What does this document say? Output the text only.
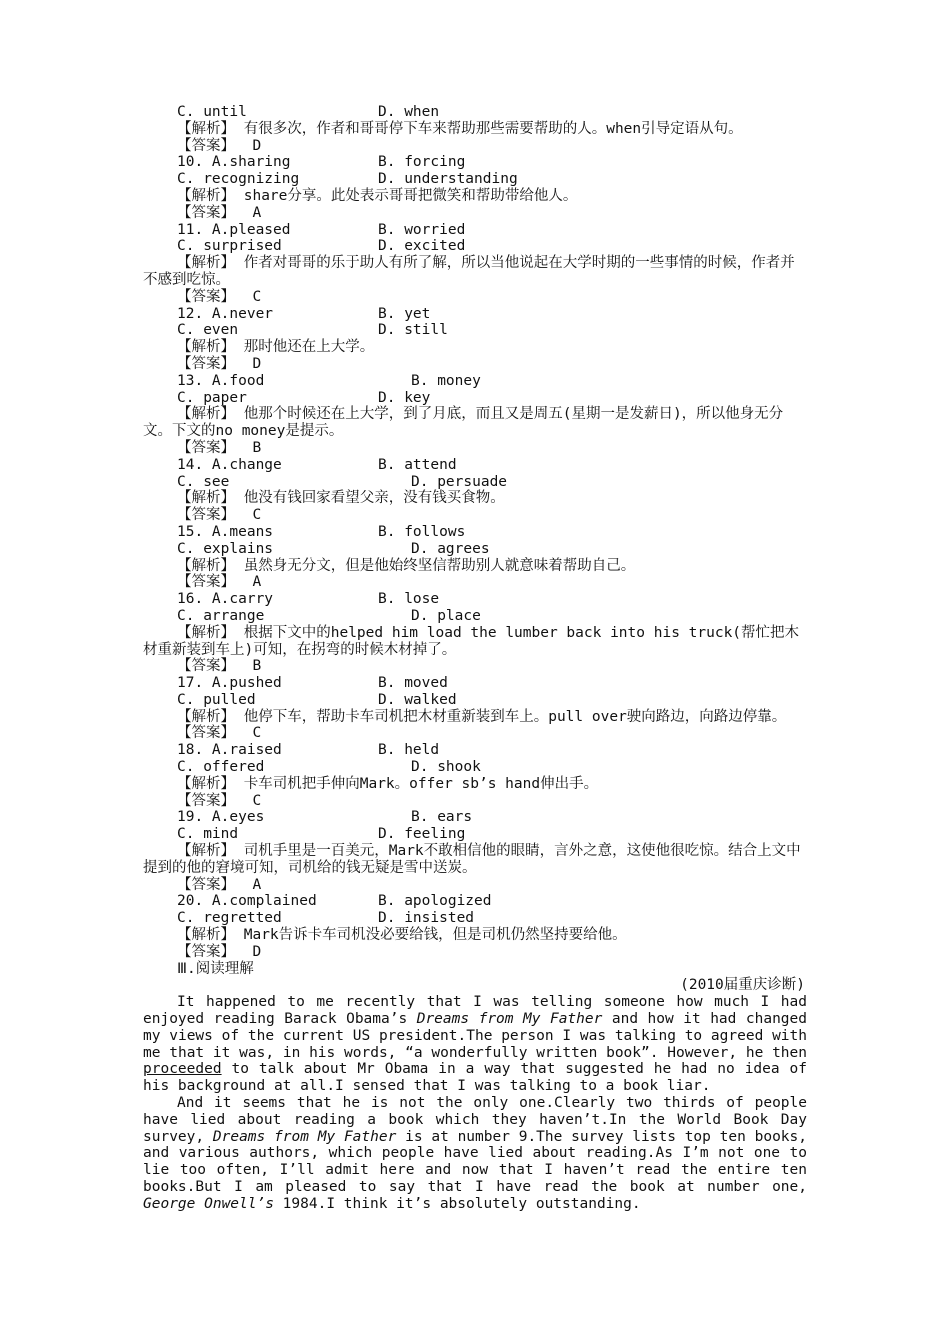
C. until	D. when
【解析】 有很多次，作者和哥哥停下车来帮助那些需要帮助的人。when引导定语从句。
【答案】  D
10. A.sharing	B. forcing
C. recognizing	D. understanding
【解析】 share分享。此处表示哥哥把微笑和帮助带给他人。
【答案】  A
11. A.pleased	B. worried
C. surprised	D. excited
【解析】 作者对哥哥的乐于助人有所了解，所以当他说起在大学时期的一些事情的时候，作者并不感到吃惊。
【答案】  C
12. A.never	B. yet
C. even	D. still
【解析】 那时他还在上大学。
【答案】  D
13. A.food	B. money
C. paper	D. key
【解析】 他那个时候还在上大学，到了月底，而且又是周五(星期一是发薪日)，所以他身无分文。下文的no money是提示。
【答案】  B
14. A.change	B. attend
C. see	D. persuade
【解析】 他没有钱回家看望父亲，没有钱买食物。
【答案】  C
15. A.means	B. follows
C. explains	D. agrees
【解析】 虽然身无分文，但是他始终坚信帮助别人就意味着帮助自己。
【答案】  A
16. A.carry	B. lose
C. arrange	D. place
【解析】 根据下文中的helped him load the lumber back into his truck(帮忙把木材重新装到车上)可知，在拐弯的时候木材掉了。
【答案】  B
17. A.pushed	B. moved
C. pulled	D. walked
【解析】 他停下车，帮助卡车司机把木材重新装到车上。pull over驶向路边，向路边停靠。
【答案】  C
18. A.raised	B. held
C. offered	D. shook
【解析】 卡车司机把手伸向Mark。offer sb’s hand伸出手。
【答案】  C
19. A.eyes	B. ears
C. mind	D. feeling
【解析】 司机手里是一百美元，Mark不敢相信他的眼睛，言外之意，这使他很吃惊。结合上文中提到的他的窘境可知，司机给的钱无疑是雪中送炭。
【答案】  A
20. A.complained	B. apologized
C. regretted	D. insisted
【解析】 Mark告诉卡车司机没必要给钱，但是司机仍然坚持要给他。
【答案】  D
Ⅲ.阅读理解
(2010届重庆诊断)

It happened to me recently that I was telling someone how much I had enjoyed reading Barack Obama’s Dreams from My Father and how it had changed my views of the current US president.The person I was talking to agreed with me that it was, in his words, “a wonderfully written book”. However, he then proceeded to talk about Mr Obama in a way that suggested he had no idea of his background at all.I sensed that I was talking to a book liar.

And it seems that he is not the only one.Clearly two thirds of people have lied about reading a book which they haven’t.In the World Book Day survey, Dreams from My Father is at number 9.The survey lists top ten books, and various authors, which people have lied about reading.As I’m not one to lie too often, I’ll admit here and now that I haven’t read the entire ten books.But I am pleased to say that I have read the book at number one, George Onwell’s 1984.I think it’s absolutely outstanding.
